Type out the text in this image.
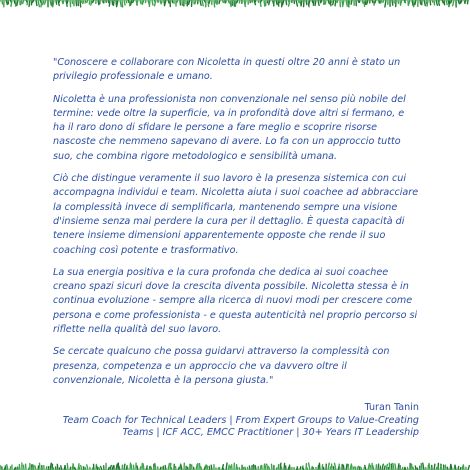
"Conoscere e collaborare con Nicoletta in questi oltre 20 anni è stato un privilegio professionale e umano.

Nicoletta è una professionista non convenzionale nel senso più nobile del termine: vede oltre la superficie, va in profondità dove altri si fermano, e ha il raro dono di sfidare le persone a fare meglio e scoprire risorse nascoste che nemmeno sapevano di avere. Lo fa con un approccio tutto suo, che combina rigore metodologico e sensibilità umana.

Ciò che distingue veramente il suo lavoro è la presenza sistemica con cui accompagna individui e team. Nicoletta aiuta i suoi coachee ad abbracciare la complessità invece di semplificarla, mantenendo sempre una visione d'insieme senza mai perdere la cura per il dettaglio. È questa capacità di tenere insieme dimensioni apparentemente opposte che rende il suo coaching così potente e trasformativo.

La sua energia positiva e la cura profonda che dedica ai suoi coachee creano spazi sicuri dove la crescita diventa possibile. Nicoletta stessa è in continua evoluzione - sempre alla ricerca di nuovi modi per crescere come persona e come professionista - e questa autenticità nel proprio percorso si riflette nella qualità del suo lavoro.

Se cercate qualcuno che possa guidarvi attraverso la complessità con presenza, competenza e un approccio che va davvero oltre il convenzionale, Nicoletta è la persona giusta."

Turan Tanin
Team Coach for Technical Leaders | From Expert Groups to Value-Creating
Teams | ICF ACC, EMCC Practitioner | 30+ Years IT Leadership
